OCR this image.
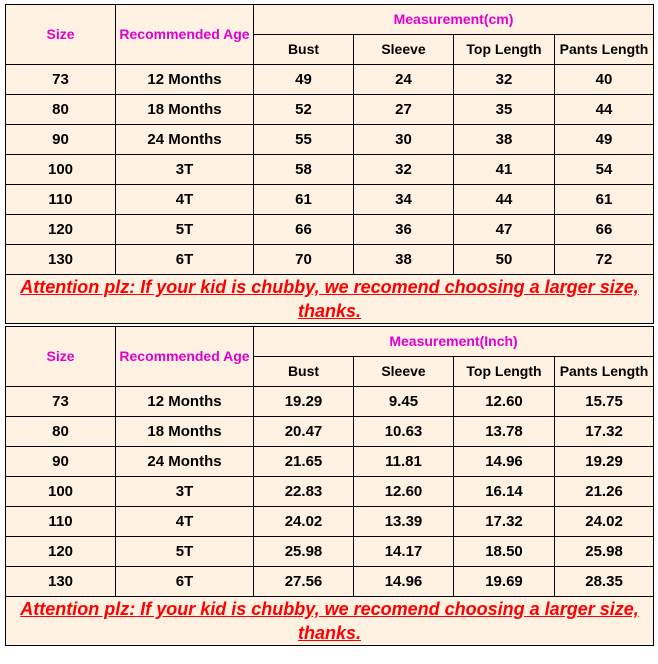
Size	Recommended Age	Measurement(cm)			
		Bust	Sleeve	Top Length	Pants Length
73	12 Months	49	24	32	40
80	18 Months	52	27	35	44
90	24 Months	55	30	38	49
100	3T	58	32	41	54
110	4T	61	34	44	61
120	5T	66	36	47	66
130	6T	70	38	50	72
Attention plz: If your kid is chubby, we recomend choosing a larger size, thanks.					
Size	Recommended Age	Measurement(Inch)			
		Bust	Sleeve	Top Length	Pants Length
73	12 Months	19.29	9.45	12.60	15.75
80	18 Months	20.47	10.63	13.78	17.32
90	24 Months	21.65	11.81	14.96	19.29
100	3T	22.83	12.60	16.14	21.26
110	4T	24.02	13.39	17.32	24.02
120	5T	25.98	14.17	18.50	25.98
130	6T	27.56	14.96	19.69	28.35
Attention plz: If your kid is chubby, we recomend choosing a larger size, thanks.					
